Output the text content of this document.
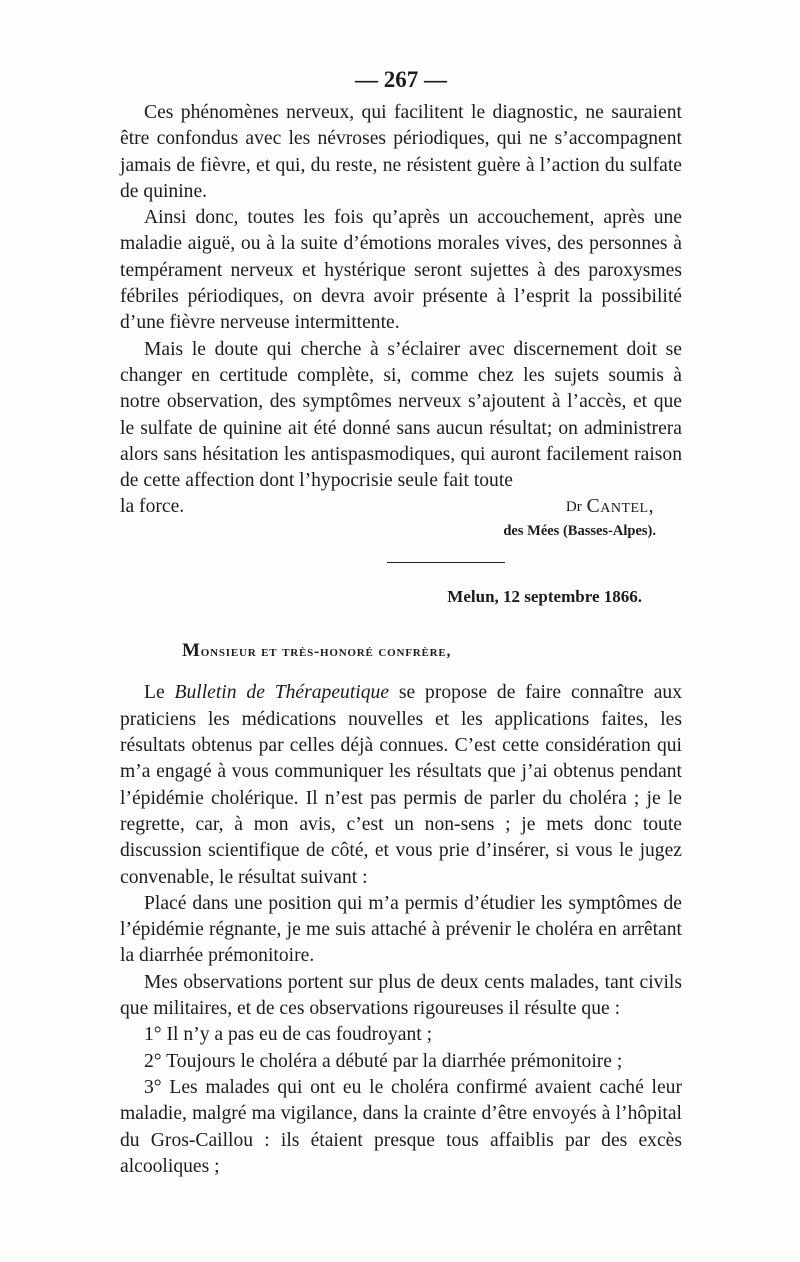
— 267 —

Ces phénomènes nerveux, qui facilitent le diagnostic, ne sauraient être confondus avec les névroses périodiques, qui ne s’accompagnent jamais de fièvre, et qui, du reste, ne résistent guère à l’action du sulfate de quinine.

Ainsi donc, toutes les fois qu’après un accouchement, après une maladie aiguë, ou à la suite d’émotions morales vives, des personnes à tempérament nerveux et hystérique seront sujettes à des paroxysmes fébriles périodiques, on devra avoir présente à l’esprit la possibilité d’une fièvre nerveuse intermittente.

Mais le doute qui cherche à s’éclairer avec discernement doit se changer en certitude complète, si, comme chez les sujets soumis à notre observation, des symptômes nerveux s’ajoutent à l’accès, et que le sulfate de quinine ait été donné sans aucun résultat; on administrera alors sans hésitation les antispasmodiques, qui auront facilement raison de cette affection dont l’hypocrisie seule fait toute

la force.	Dr Cantel,
des Mées (Basses-Alpes).
Melun, 12 septembre 1866.
Monsieur et très-honoré confrère,

Le Bulletin de Thérapeutique se propose de faire connaître aux praticiens les médications nouvelles et les applications faites, les résultats obtenus par celles déjà connues. C’est cette considération qui m’a engagé à vous communiquer les résultats que j’ai obtenus pendant l’épidémie cholérique. Il n’est pas permis de parler du choléra ; je le regrette, car, à mon avis, c’est un non-sens ; je mets donc toute discussion scientifique de côté, et vous prie d’insérer, si vous le jugez convenable, le résultat suivant :

Placé dans une position qui m’a permis d’étudier les symptômes de l’épidémie régnante, je me suis attaché à prévenir le choléra en arrêtant la diarrhée prémonitoire.

Mes observations portent sur plus de deux cents malades, tant civils que militaires, et de ces observations rigoureuses il résulte que :

1° Il n’y a pas eu de cas foudroyant ;

2° Toujours le choléra a débuté par la diarrhée prémonitoire ;

3° Les malades qui ont eu le choléra confirmé avaient caché leur maladie, malgré ma vigilance, dans la crainte d’être envoyés à l’hôpital du Gros-Caillou : ils étaient presque tous affaiblis par des excès alcooliques ;
